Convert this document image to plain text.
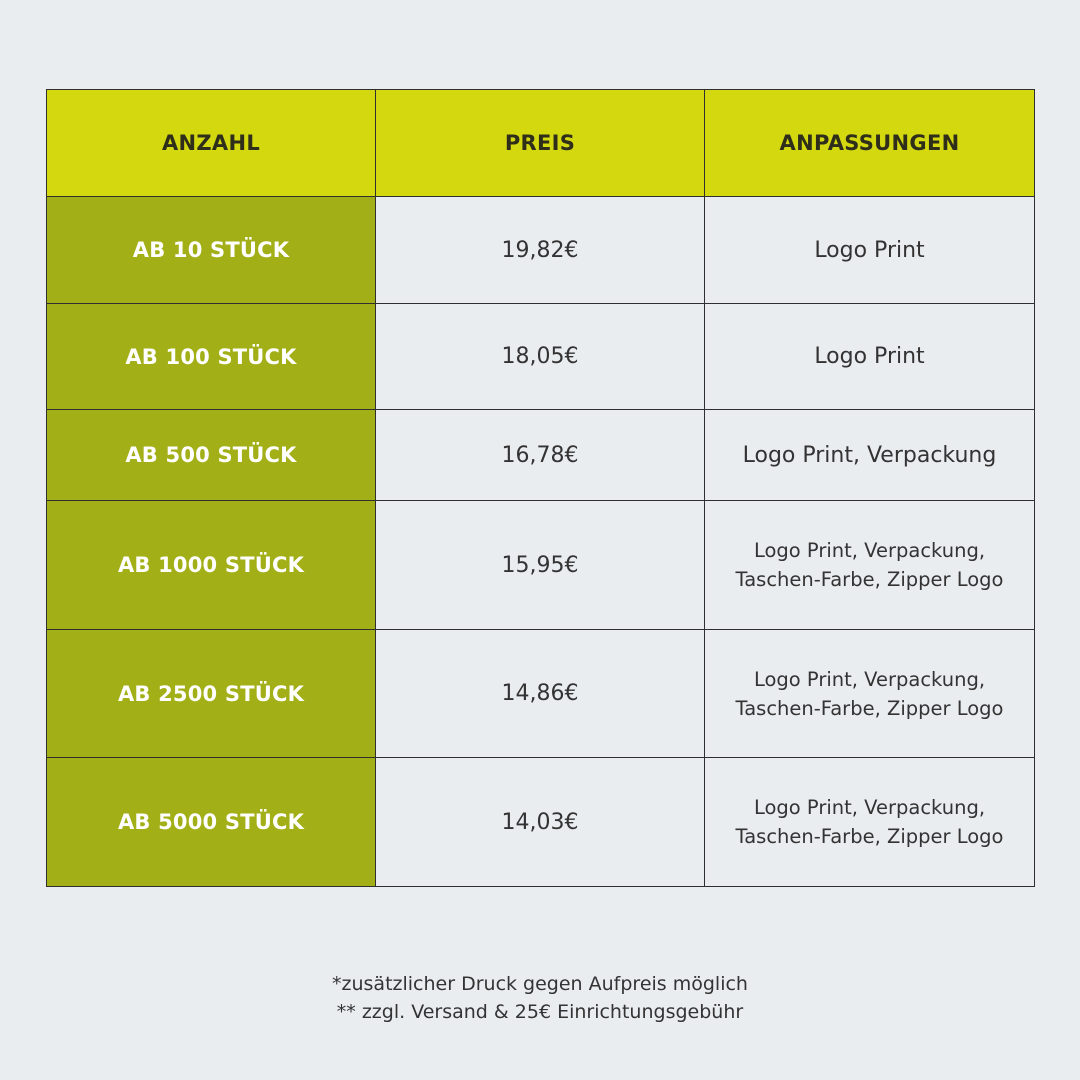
ANZAHL	PREIS	ANPASSUNGEN
AB 10 STÜCK	19,82€	Logo Print

AB 100 STÜCK	18,05€	Logo Print

AB 500 STÜCK	16,78€	Logo Print, Verpackung

AB 1000 STÜCK	15,95€	Logo Print, Verpackung,
Taschen-Farbe, Zipper Logo

AB 2500 STÜCK	14,86€	Logo Print, Verpackung,
Taschen-Farbe, Zipper Logo

AB 5000 STÜCK	14,03€	Logo Print, Verpackung,
Taschen-Farbe, Zipper Logo
*zusätzlicher Druck gegen Aufpreis möglich
** zzgl. Versand & 25€ Einrichtungsgebühr
